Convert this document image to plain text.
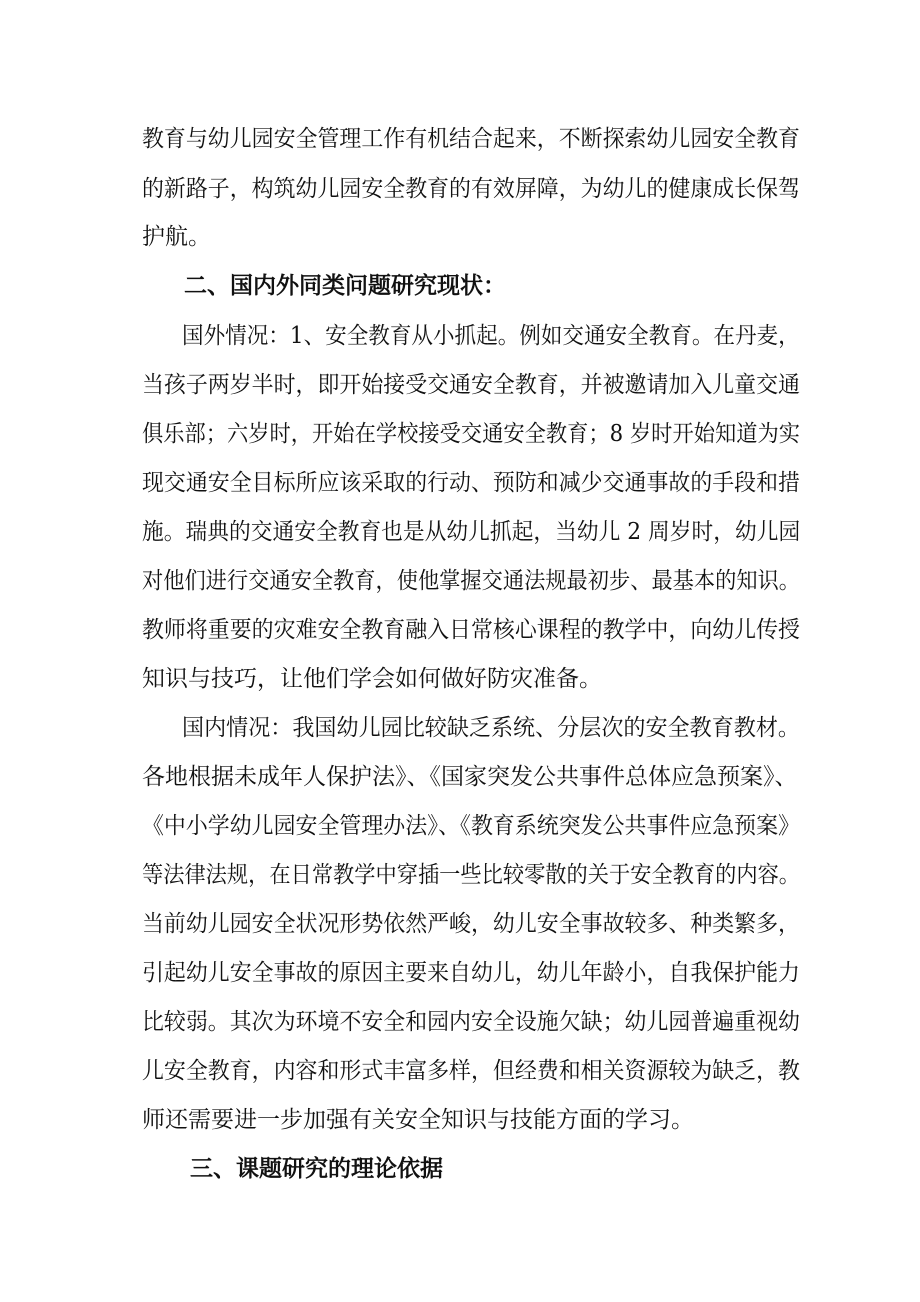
教育与幼儿园安全管理工作有机结合起来，不断探索幼儿园安全教育

的新路子，构筑幼儿园安全教育的有效屏障，为幼儿的健康成长保驾

护航。

二、国内外同类问题研究现状：

国外情况：1、安全教育从小抓起。例如交通安全教育。在丹麦，

当孩子两岁半时，即开始接受交通安全教育，并被邀请加入儿童交通

俱乐部；六岁时，开始在学校接受交通安全教育；8 岁时开始知道为实

现交通安全目标所应该采取的行动、预防和减少交通事故的手段和措

施。瑞典的交通安全教育也是从幼儿抓起，当幼儿 2 周岁时，幼儿园

对他们进行交通安全教育，使他掌握交通法规最初步、最基本的知识。

教师将重要的灾难安全教育融入日常核心课程的教学中，向幼儿传授

知识与技巧，让他们学会如何做好防灾准备。

国内情况：我国幼儿园比较缺乏系统、分层次的安全教育教材。

各地根据未成年人保护法》、《国家突发公共事件总体应急预案》、

《中小学幼儿园安全管理办法》、《教育系统突发公共事件应急预案》

等法律法规，在日常教学中穿插一些比较零散的关于安全教育的内容。

当前幼儿园安全状况形势依然严峻，幼儿安全事故较多、种类繁多，

引起幼儿安全事故的原因主要来自幼儿，幼儿年龄小，自我保护能力

比较弱。其次为环境不安全和园内安全设施欠缺；幼儿园普遍重视幼

儿安全教育，内容和形式丰富多样，但经费和相关资源较为缺乏，教

师还需要进一步加强有关安全知识与技能方面的学习。

三、课题研究的理论依据
